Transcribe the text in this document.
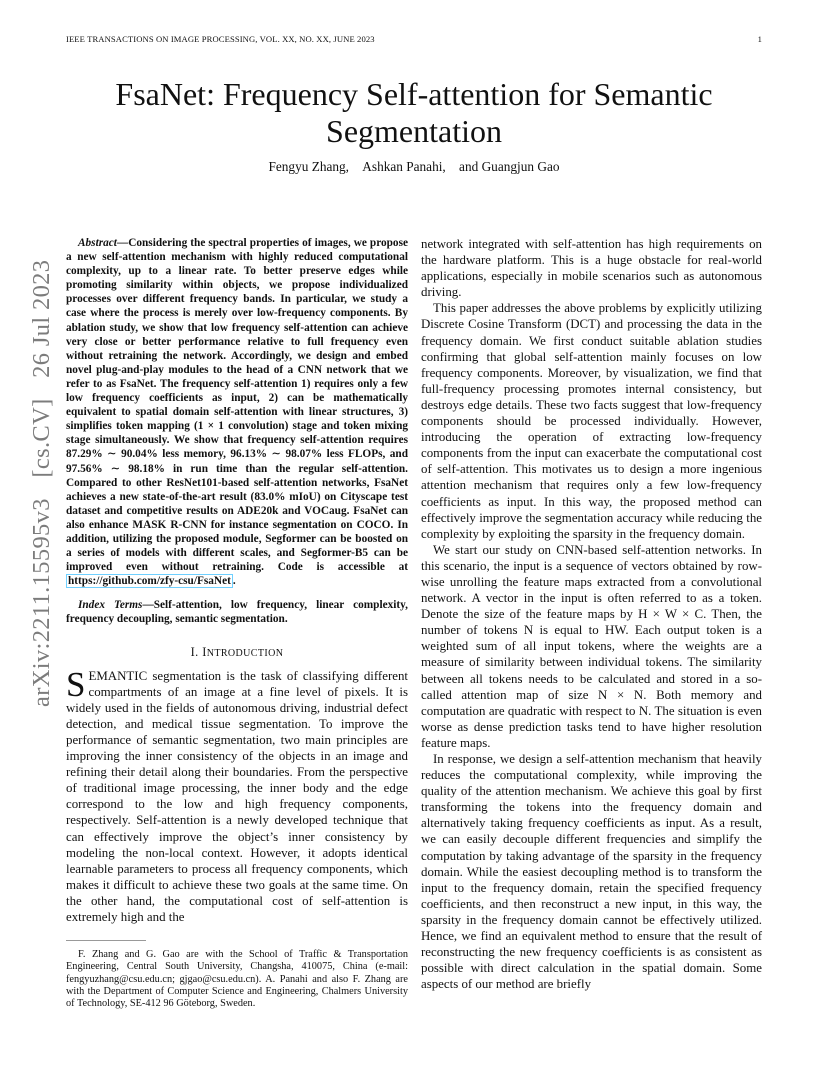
IEEE TRANSACTIONS ON IMAGE PROCESSING, VOL. XX, NO. XX, JUNE 2023	1
arXiv:2211.15595v3 [cs.CV] 26 Jul 2023
FsaNet: Frequency Self-attention for Semantic Segmentation
Fengyu Zhang, Ashkan Panahi, and Guangjun Gao

Abstract—Considering the spectral properties of images, we propose a new self-attention mechanism with highly reduced computational complexity, up to a linear rate. To better preserve edges while promoting similarity within objects, we propose individualized processes over different frequency bands. In particular, we study a case where the process is merely over low-frequency components. By ablation study, we show that low frequency self-attention can achieve very close or better performance relative to full frequency even without retraining the network. Accordingly, we design and embed novel plug-and-play modules to the head of a CNN network that we refer to as FsaNet. The frequency self-attention 1) requires only a few low frequency coefficients as input, 2) can be mathematically equivalent to spatial domain self-attention with linear structures, 3) simplifies token mapping (1 × 1 convolution) stage and token mixing stage simultaneously. We show that frequency self-attention requires 87.29% ∼ 90.04% less memory, 96.13% ∼ 98.07% less FLOPs, and 97.56% ∼ 98.18% in run time than the regular self-attention. Compared to other ResNet101-based self-attention networks, FsaNet achieves a new state-of-the-art result (83.0% mIoU) on Cityscape test dataset and competitive results on ADE20k and VOCaug. FsaNet can also enhance MASK R-CNN for instance segmentation on COCO. In addition, utilizing the proposed module, Segformer can be boosted on a series of models with different scales, and Segformer-B5 can be improved even without retraining. Code is accessible at https://github.com/zfy-csu/FsaNet .

Index Terms—Self-attention, low frequency, linear complexity, frequency decoupling, semantic segmentation.

I. INTRODUCTION

SEMANTIC segmentation is the task of classifying different compartments of an image at a fine level of pixels. It is widely used in the fields of autonomous driving, industrial defect detection, and medical tissue segmentation. To improve the performance of semantic segmentation, two main principles are improving the inner consistency of the objects in an image and refining their detail along their boundaries. From the perspective of traditional image processing, the inner body and the edge correspond to the low and high frequency components, respectively. Self-attention is a newly developed technique that can effectively improve the object’s inner consistency by modeling the non-local context. However, it adopts identical learnable parameters to process all frequency components, which makes it difficult to achieve these two goals at the same time. On the other hand, the computational cost of self-attention is extremely high and the

F. Zhang and G. Gao are with the School of Traffic & Transportation Engineering, Central South University, Changsha, 410075, China (e-mail: fengyuzhang@csu.edu.cn; gjgao@csu.edu.cn). A. Panahi and also F. Zhang are with the Department of Computer Science and Engineering, Chalmers University of Technology, SE-412 96 Göteborg, Sweden.

network integrated with self-attention has high requirements on the hardware platform. This is a huge obstacle for real-world applications, especially in mobile scenarios such as autonomous driving.

This paper addresses the above problems by explicitly utilizing Discrete Cosine Transform (DCT) and processing the data in the frequency domain. We first conduct suitable ablation studies confirming that global self-attention mainly focuses on low frequency components. Moreover, by visualization, we find that full-frequency processing promotes internal consistency, but destroys edge details. These two facts suggest that low-frequency components should be processed individually. However, introducing the operation of extracting low-frequency components from the input can exacerbate the computational cost of self-attention. This motivates us to design a more ingenious attention mechanism that requires only a few low-frequency coefficients as input. In this way, the proposed method can effectively improve the segmentation accuracy while reducing the complexity by exploiting the sparsity in the frequency domain.

We start our study on CNN-based self-attention networks. In this scenario, the input is a sequence of vectors obtained by row-wise unrolling the feature maps extracted from a convolutional network. A vector in the input is often referred to as a token. Denote the size of the feature maps by H × W × C. Then, the number of tokens N is equal to HW. Each output token is a weighted sum of all input tokens, where the weights are a measure of similarity between individual tokens. The similarity between all tokens needs to be calculated and stored in a so-called attention map of size N × N. Both memory and computation are quadratic with respect to N. The situation is even worse as dense prediction tasks tend to have higher resolution feature maps.

In response, we design a self-attention mechanism that heavily reduces the computational complexity, while improving the quality of the attention mechanism. We achieve this goal by first transforming the tokens into the frequency domain and alternatively taking frequency coefficients as input. As a result, we can easily decouple different frequencies and simplify the computation by taking advantage of the sparsity in the frequency domain. While the easiest decoupling method is to transform the input to the frequency domain, retain the specified frequency coefficients, and then reconstruct a new input, in this way, the sparsity in the frequency domain cannot be effectively utilized. Hence, we find an equivalent method to ensure that the result of reconstructing the new frequency coefficients is as consistent as possible with direct calculation in the spatial domain. Some aspects of our method are briefly
